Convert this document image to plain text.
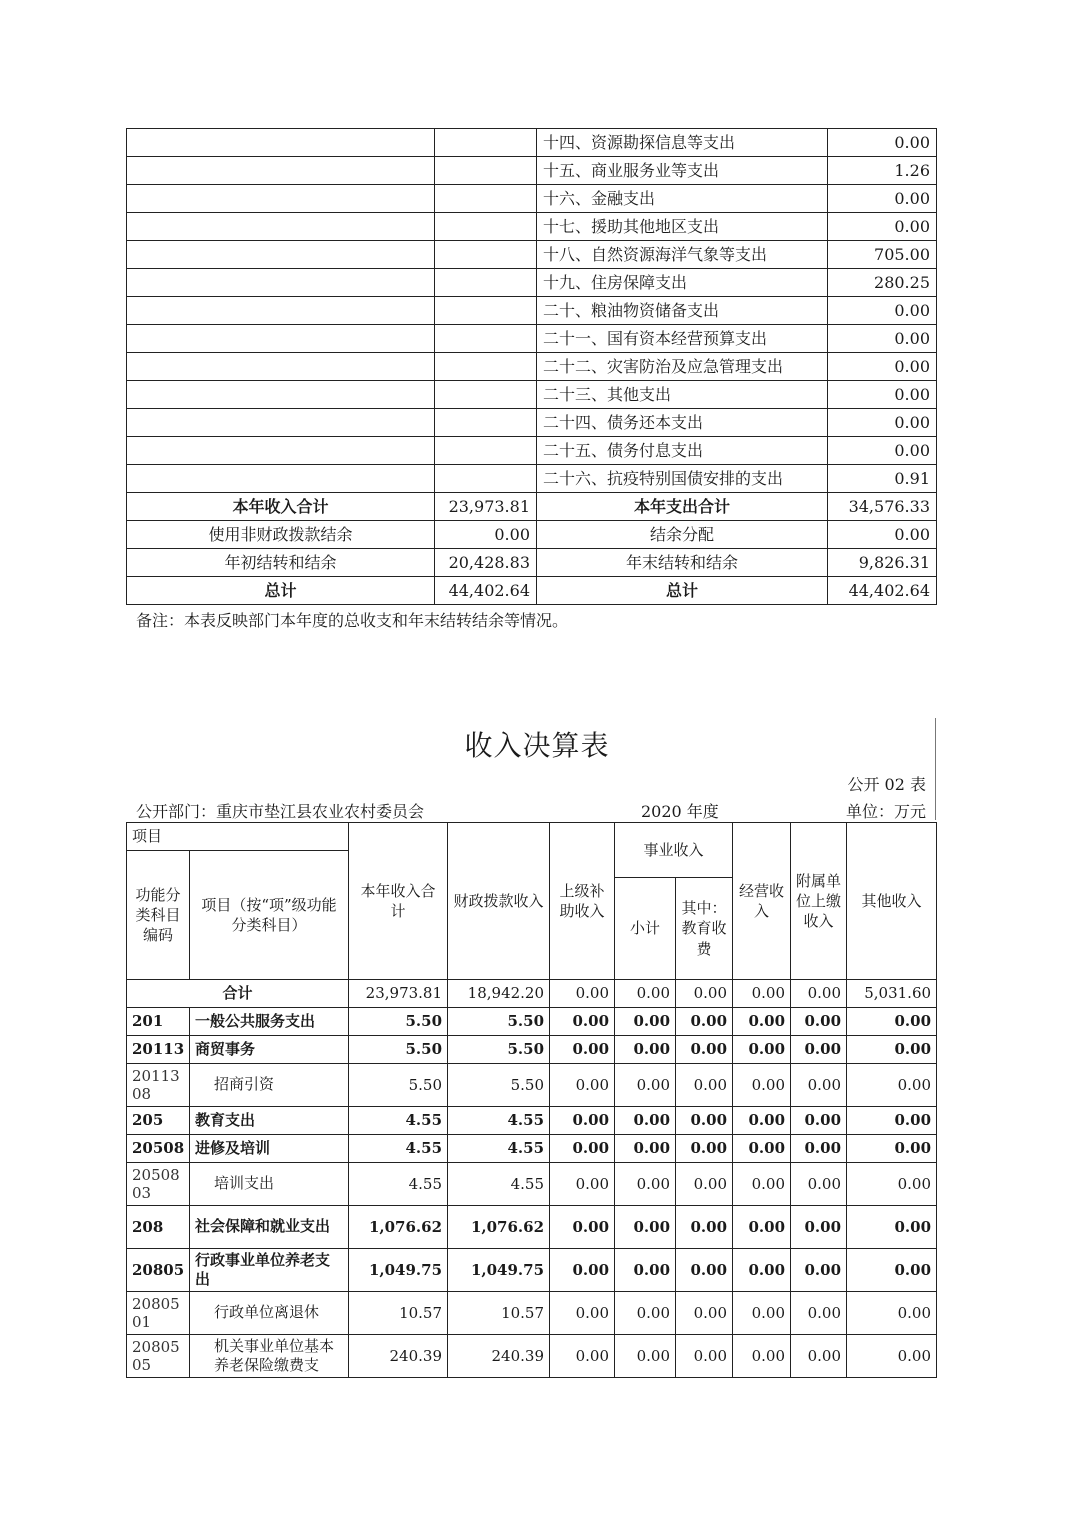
		十四、资源勘探信息等支出	0.00
		十五、商业服务业等支出	1.26
		十六、金融支出	0.00
		十七、援助其他地区支出	0.00
		十八、自然资源海洋气象等支出	705.00
		十九、住房保障支出	280.25
		二十、粮油物资储备支出	0.00
		二十一、国有资本经营预算支出	0.00
		二十二、灾害防治及应急管理支出	0.00
		二十三、其他支出	0.00
		二十四、债务还本支出	0.00
		二十五、债务付息支出	0.00
		二十六、抗疫特别国债安排的支出	0.91
本年收入合计	23,973.81	本年支出合计	34,576.33
使用非财政拨款结余	0.00	结余分配	0.00
年初结转和结余	20,428.83	年末结转和结余	9,826.31
总计	44,402.64	总计	44,402.64
备注：本表反映部门本年度的总收支和年末结转结余等情况。
收入决算表
公开 02 表
公开部门：重庆市垫江县农业农村委员会	2020 年度	单位：万元
项目		本年收入合计	财政拨款收入	上级补助收入	事业收入		经营收入	附属单位上缴收入	其他收入
功能分类科目编码	项目（按“项”级功能分类科目）								
					小计	其中：教育收费			
合计		23,973.81	18,942.20	0.00	0.00	0.00	0.00	0.00	5,031.60
201	一般公共服务支出	5.50	5.50	0.00	0.00	0.00	0.00	0.00	0.00
20113	商贸事务	5.50	5.50	0.00	0.00	0.00	0.00	0.00	0.00
2011308	招商引资	5.50	5.50	0.00	0.00	0.00	0.00	0.00	0.00
205	教育支出	4.55	4.55	0.00	0.00	0.00	0.00	0.00	0.00
20508	进修及培训	4.55	4.55	0.00	0.00	0.00	0.00	0.00	0.00
2050803	培训支出	4.55	4.55	0.00	0.00	0.00	0.00	0.00	0.00
208	社会保障和就业支出	1,076.62	1,076.62	0.00	0.00	0.00	0.00	0.00	0.00
20805	行政事业单位养老支出	1,049.75	1,049.75	0.00	0.00	0.00	0.00	0.00	0.00
2080501	行政单位离退休	10.57	10.57	0.00	0.00	0.00	0.00	0.00	0.00
2080505	机关事业单位基本养老保险缴费支	240.39	240.39	0.00	0.00	0.00	0.00	0.00	0.00
